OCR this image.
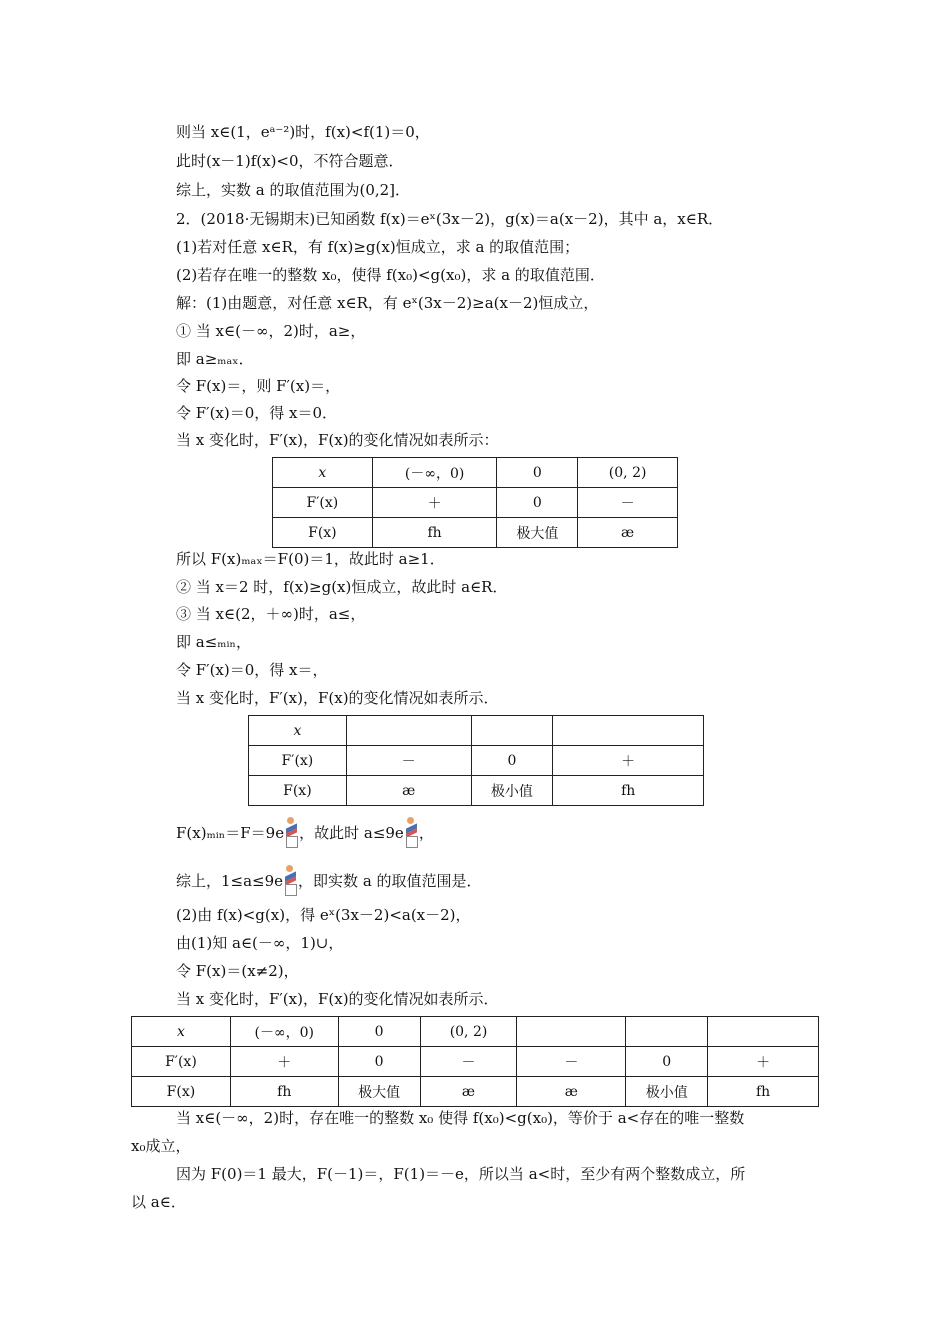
则当 x∈(1，eᵃ⁻²)时，f(x)<f(1)＝0，
此时(x－1)f(x)<0，不符合题意．
综上，实数 a 的取值范围为(0,2]．
2．(2018·无锡期末)已知函数 f(x)＝eˣ(3x－2)，g(x)＝a(x－2)，其中 a，x∈R．
(1)若对任意 x∈R，有 f(x)≥g(x)恒成立，求 a 的取值范围；
(2)若存在唯一的整数 x₀，使得 f(x₀)<g(x₀)，求 a 的取值范围．
解：(1)由题意，对任意 x∈R，有 eˣ(3x－2)≥a(x－2)恒成立，
① 当 x∈(－∞，2)时，a≥，
即 a≥ₘₐₓ．
令 F(x)＝，则 F′(x)＝，
令 F′(x)＝0，得 x＝0．
当 x 变化时，F′(x)，F(x)的变化情况如表所示：
x	(－∞，0)	0	(0, 2)
F′(x)	＋	0	－
F(x)	fh	极大值	æ
所以 F(x)ₘₐₓ＝F(0)＝1，故此时 a≥1．
② 当 x＝2 时，f(x)≥g(x)恒成立，故此时 a∈R．
③ 当 x∈(2，＋∞)时，a≤，
即 a≤ₘᵢₙ，
令 F′(x)＝0，得 x＝，
当 x 变化时，F′(x)，F(x)的变化情况如表所示．
x			
F′(x)	－	0	＋
F(x)	æ	极小值	fh
F(x)ₘᵢₙ＝F＝9e ，故此时 a≤9e ，
综上，1≤a≤9e ，即实数 a 的取值范围是．
(2)由 f(x)<g(x)，得 eˣ(3x－2)<a(x－2)，
由(1)知 a∈(－∞，1)∪，
令 F(x)＝(x≠2)，
当 x 变化时，F′(x)，F(x)的变化情况如表所示．
x	(－∞，0)	0	(0, 2)			
F′(x)	＋	0	－	－	0	＋
F(x)	fh	极大值	æ	æ	极小值	fh
当 x∈(－∞，2)时，存在唯一的整数 x₀ 使得 f(x₀)<g(x₀)，等价于 a<存在的唯一整数
x₀成立，
因为 F(0)＝1 最大，F(－1)＝，F(1)＝－e，所以当 a<时，至少有两个整数成立，所
以 a∈．
